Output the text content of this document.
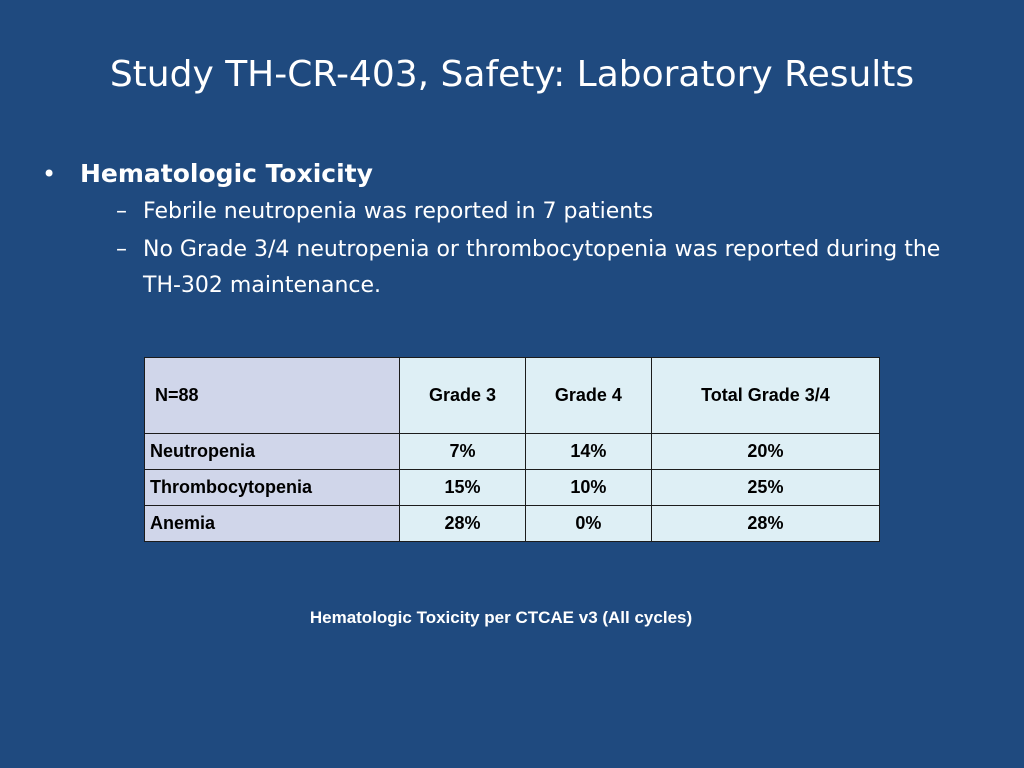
Study TH-CR-403, Safety: Laboratory Results
• Hematologic Toxicity
– Febrile neutropenia was reported in 7 patients
– No Grade 3/4 neutropenia or thrombocytopenia was reported during the TH-302 maintenance.
N=88	Grade 3	Grade 4	Total Grade 3/4
Neutropenia	7%	14%	20%
Thrombocytopenia	15%	10%	25%
Anemia	28%	0%	28%
Hematologic Toxicity per CTCAE v3 (All cycles)
